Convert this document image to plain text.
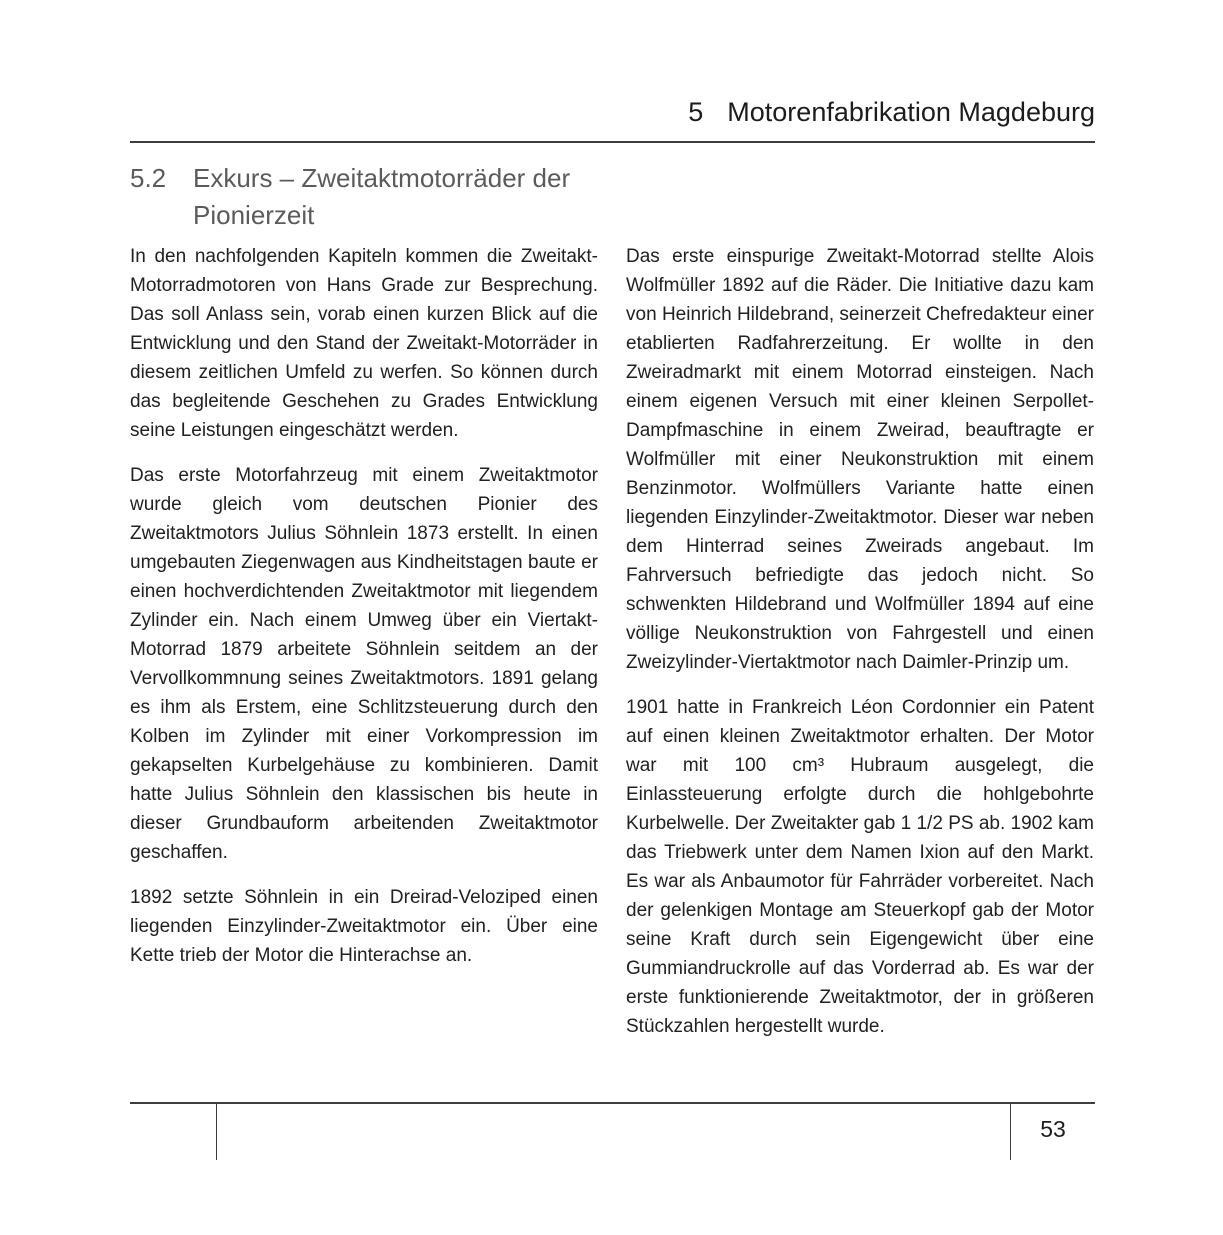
5 Motorenfabrikation Magdeburg
5.2	Exkurs – Zweitaktmotorräder der Pionierzeit

In den nachfolgenden Kapiteln kommen die Zweitakt-Motorradmotoren von Hans Grade zur Besprechung. Das soll Anlass sein, vorab einen kurzen Blick auf die Entwicklung und den Stand der Zweitakt-Motorräder in diesem zeitlichen Umfeld zu werfen. So können durch das begleitende Geschehen zu Grades Entwicklung seine Leistungen eingeschätzt werden.

Das erste Motorfahrzeug mit einem Zweitaktmotor wurde gleich vom deutschen Pionier des Zweitaktmotors Julius Söhnlein 1873 erstellt. In einen umgebauten Ziegenwagen aus Kindheitstagen baute er einen hochverdichtenden Zweitaktmotor mit liegendem Zylinder ein. Nach einem Umweg über ein Viertakt-Motorrad 1879 arbeitete Söhnlein seitdem an der Vervollkommnung seines Zweitaktmotors. 1891 gelang es ihm als Erstem, eine Schlitzsteuerung durch den Kolben im Zylinder mit einer Vorkompression im gekapselten Kurbelgehäuse zu kombinieren. Damit hatte Julius Söhnlein den klassischen bis heute in dieser Grundbauform arbeitenden Zweitaktmotor geschaffen.

1892 setzte Söhnlein in ein Dreirad-Veloziped einen liegenden Einzylinder-Zweitaktmotor ein. Über eine Kette trieb der Motor die Hinterachse an.

Das erste einspurige Zweitakt-Motorrad stellte Alois Wolfmüller 1892 auf die Räder. Die Initiative dazu kam von Heinrich Hildebrand, seinerzeit Chefredakteur einer etablierten Radfahrerzeitung. Er wollte in den Zweiradmarkt mit einem Motorrad einsteigen. Nach einem eigenen Versuch mit einer kleinen Serpollet-Dampfmaschine in einem Zweirad, beauftragte er Wolfmüller mit einer Neukonstruktion mit einem Benzinmotor. Wolfmüllers Variante hatte einen liegenden Einzylinder-Zweitaktmotor. Dieser war neben dem Hinterrad seines Zweirads angebaut. Im Fahrversuch befriedigte das jedoch nicht. So schwenkten Hildebrand und Wolfmüller 1894 auf eine völlige Neukonstruktion von Fahrgestell und einen Zweizylinder-Viertaktmotor nach Daimler-Prinzip um.

1901 hatte in Frankreich Léon Cordonnier ein Patent auf einen kleinen Zweitaktmotor erhalten. Der Motor war mit 100 cm³ Hubraum ausgelegt, die Einlassteuerung erfolgte durch die hohlgebohrte Kurbelwelle. Der Zweitakter gab 1 1/2 PS ab. 1902 kam das Triebwerk unter dem Namen Ixion auf den Markt. Es war als Anbaumotor für Fahrräder vorbereitet. Nach der gelenkigen Montage am Steuerkopf gab der Motor seine Kraft durch sein Eigengewicht über eine Gummiandruckrolle auf das Vorderrad ab. Es war der erste funktionierende Zweitaktmotor, der in größeren Stückzahlen hergestellt wurde.

53
